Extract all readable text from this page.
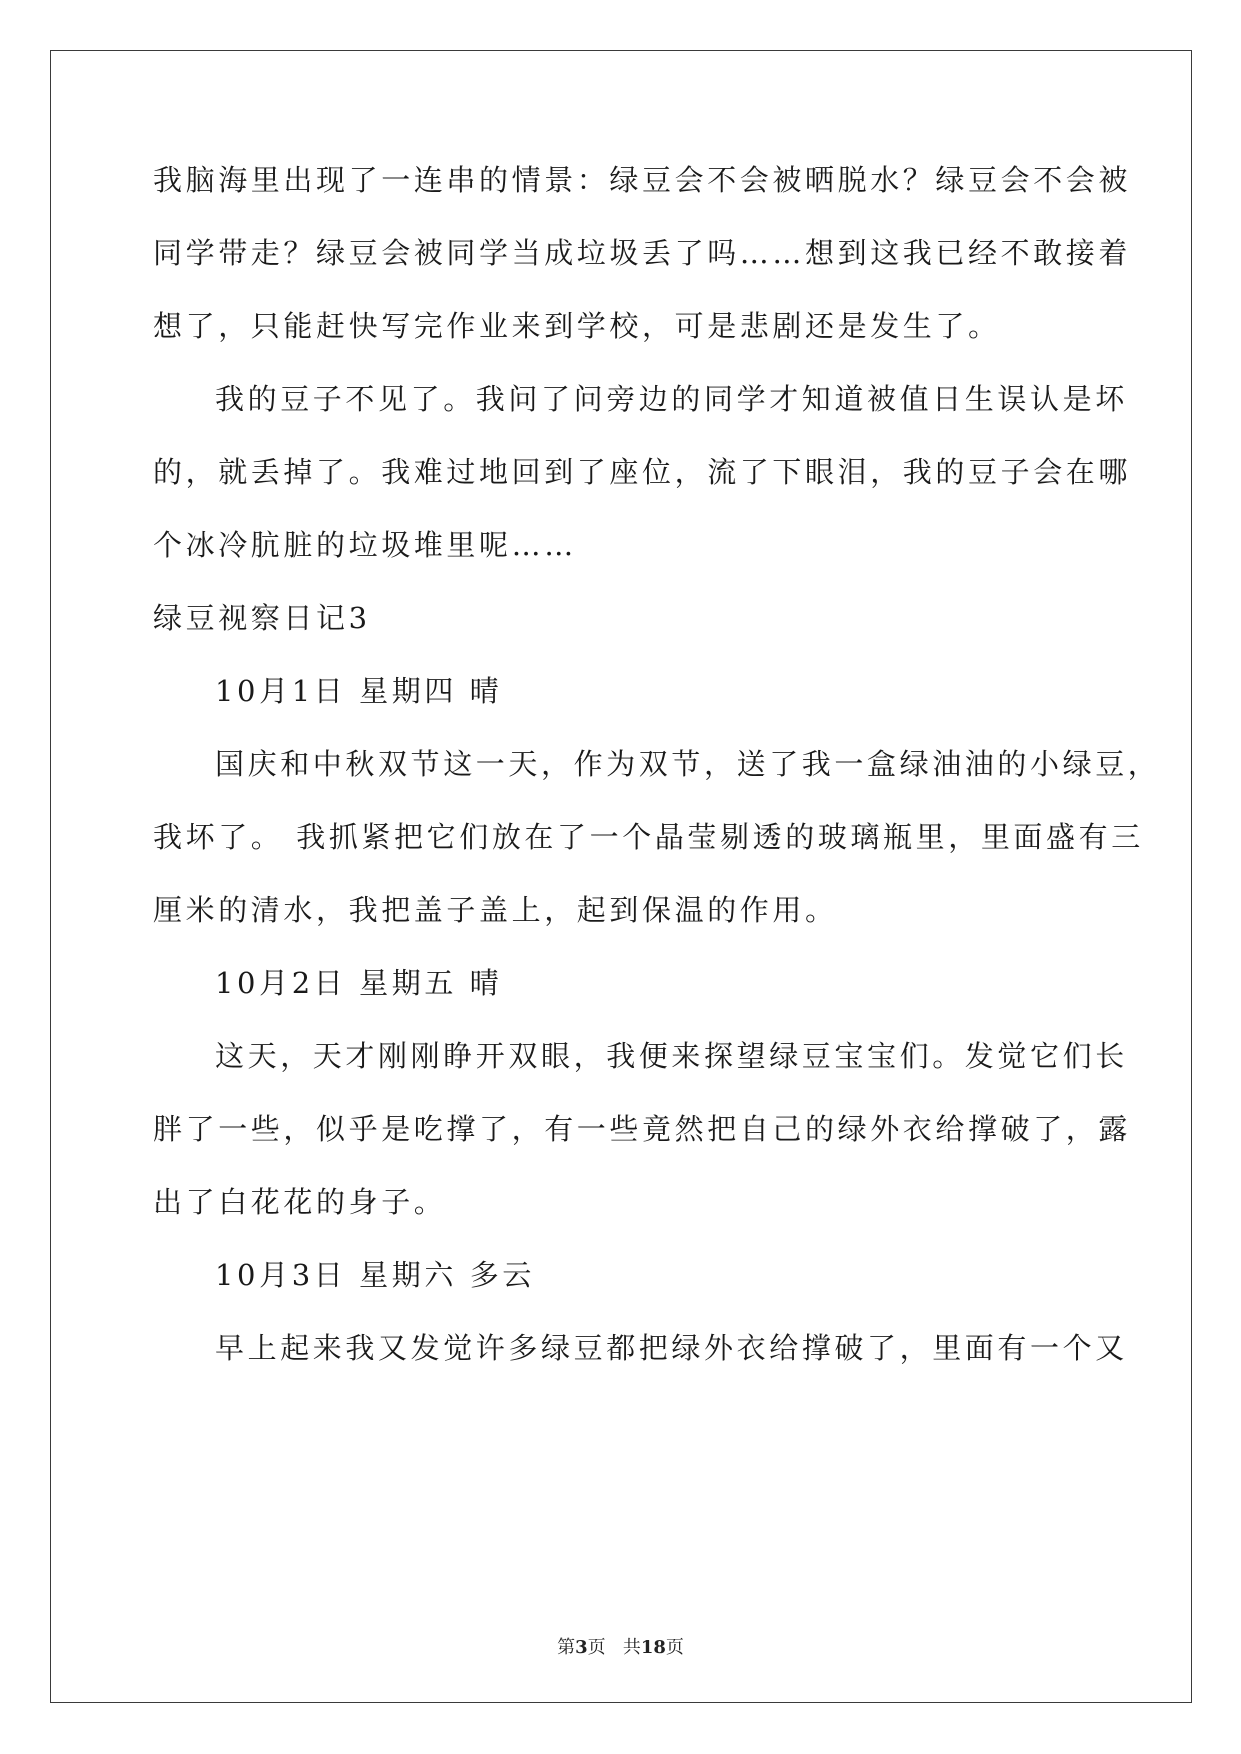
我脑海里出现了一连串的情景：绿豆会不会被晒脱水？绿豆会不会被
同学带走？绿豆会被同学当成垃圾丢了吗……想到这我已经不敢接着
想了，只能赶快写完作业来到学校，可是悲剧还是发生了。
我的豆子不见了。我问了问旁边的同学才知道被值日生误认是坏
的，就丢掉了。我难过地回到了座位，流了下眼泪，我的豆子会在哪
个冰冷肮脏的垃圾堆里呢……
绿豆视察日记3
10月1日 星期四 晴
国庆和中秋双节这一天，作为双节，送了我一盒绿油油的小绿豆，
我坏了。 我抓紧把它们放在了一个晶莹剔透的玻璃瓶里，里面盛有三
厘米的清水，我把盖子盖上，起到保温的作用。
10月2日 星期五 晴
这天，天才刚刚睁开双眼，我便来探望绿豆宝宝们。发觉它们长
胖了一些，似乎是吃撑了，有一些竟然把自己的绿外衣给撑破了，露
出了白花花的身子。
10月3日 星期六 多云
早上起来我又发觉许多绿豆都把绿外衣给撑破了，里面有一个又
第3页 共18页
